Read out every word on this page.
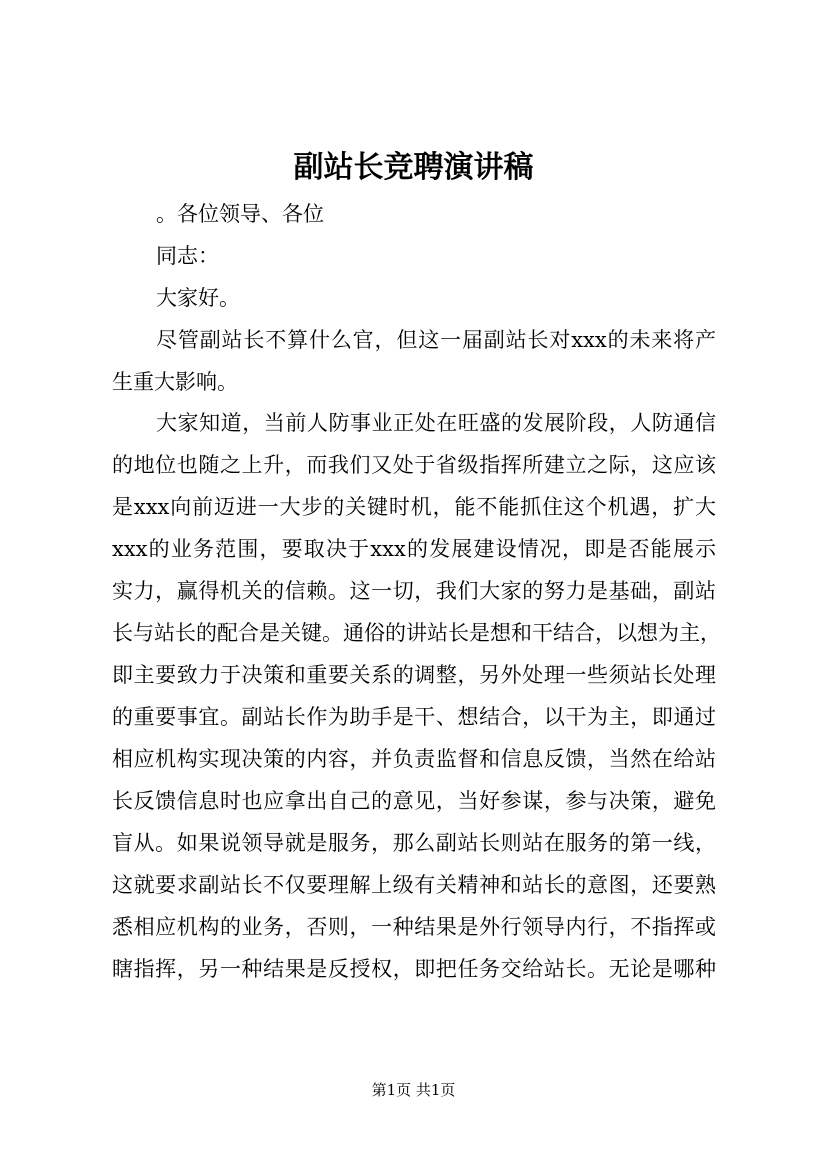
副站长竞聘演讲稿
。各位领导、各位
同志：
大家好。
尽管副站长不算什么官，但这一届副站长对xxx的未来将产
生重大影响。
大家知道，当前人防事业正处在旺盛的发展阶段，人防通信
的地位也随之上升，而我们又处于省级指挥所建立之际，这应该
是xxx向前迈进一大步的关键时机，能不能抓住这个机遇，扩大
xxx的业务范围，要取决于xxx的发展建设情况，即是否能展示
实力，赢得机关的信赖。这一切，我们大家的努力是基础，副站
长与站长的配合是关键。通俗的讲站长是想和干结合，以想为主，
即主要致力于决策和重要关系的调整，另外处理一些须站长处理
的重要事宜。副站长作为助手是干、想结合，以干为主，即通过
相应机构实现决策的内容，并负责监督和信息反馈，当然在给站
长反馈信息时也应拿出自己的意见，当好参谋，参与决策，避免
盲从。如果说领导就是服务，那么副站长则站在服务的第一线，
这就要求副站长不仅要理解上级有关精神和站长的意图，还要熟
悉相应机构的业务，否则，一种结果是外行领导内行，不指挥或
瞎指挥，另一种结果是反授权，即把任务交给站长。无论是哪种
第1页 共1页
